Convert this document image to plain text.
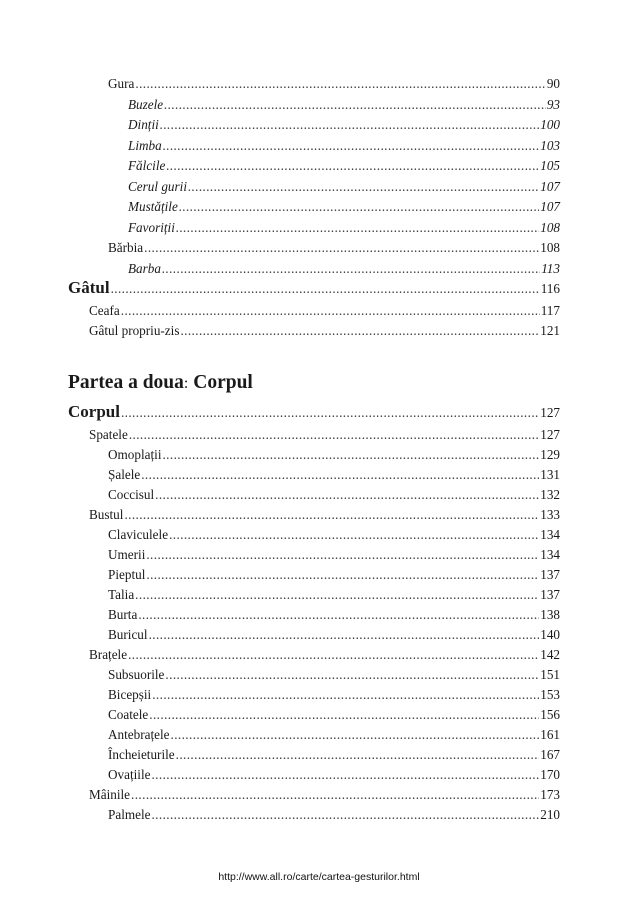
Gura .....	90
Buzele .....	93
Dinții .....	100
Limba .....	103
Fălcile .....	105
Cerul gurii .....	107
Mustățile .....	107
Favoriții .....	108
Bărbia .....	108
Barba .....	113
Gâtul .....	116
Ceafa .....	117
Gâtul propriu-zis .....	121
Partea a doua: Corpul
Corpul .....	127
Spatele .....	127
Omoplații .....	129
Șalele .....	131
Coccisul .....	132
Bustul .....	133
Claviculele .....	134
Umerii .....	134
Pieptul .....	137
Talia .....	137
Burta .....	138
Buricul .....	140
Brațele .....	142
Subsuorile .....	151
Bicepșii .....	153
Coatele .....	156
Antebrațele .....	161
Încheieturile .....	167
Ovațiile .....	170
Mâinile .....	173
Palmele .....	210
http://www.all.ro/carte/cartea-gesturilor.html
